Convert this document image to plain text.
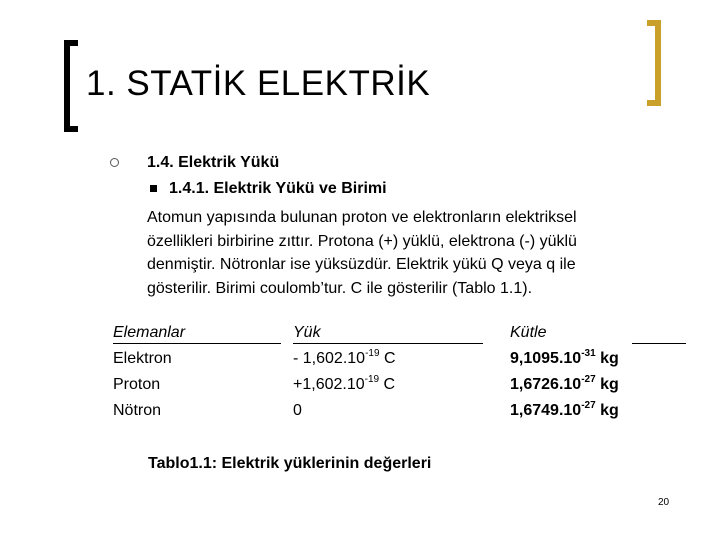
1. STATİK ELEKTRİK
1.4. Elektrik Yükü
1.4.1. Elektrik Yükü ve Birimi
Atomun yapısında bulunan proton ve elektronların elektriksel
özellikleri birbirine zıttır. Protona (+) yüklü, elektrona (-) yüklü
denmiştir. Nötronlar ise yüksüzdür. Elektrik yükü Q veya q ile
gösterilir. Birimi coulomb’tur. C ile gösterilir (Tablo 1.1).
Elemanlar	Yük	Kütle
Elektron	- $1,602.10^{-19}$ C	$9,1095.10^{-31}$ kg
Proton	$+1,602.10^{-19}$ C	$1,6726.10^{-27}$ kg
Nötron	0	$1,6749.10^{-27}$ kg
Tablo1.1: Elektrik yüklerinin değerleri
20
